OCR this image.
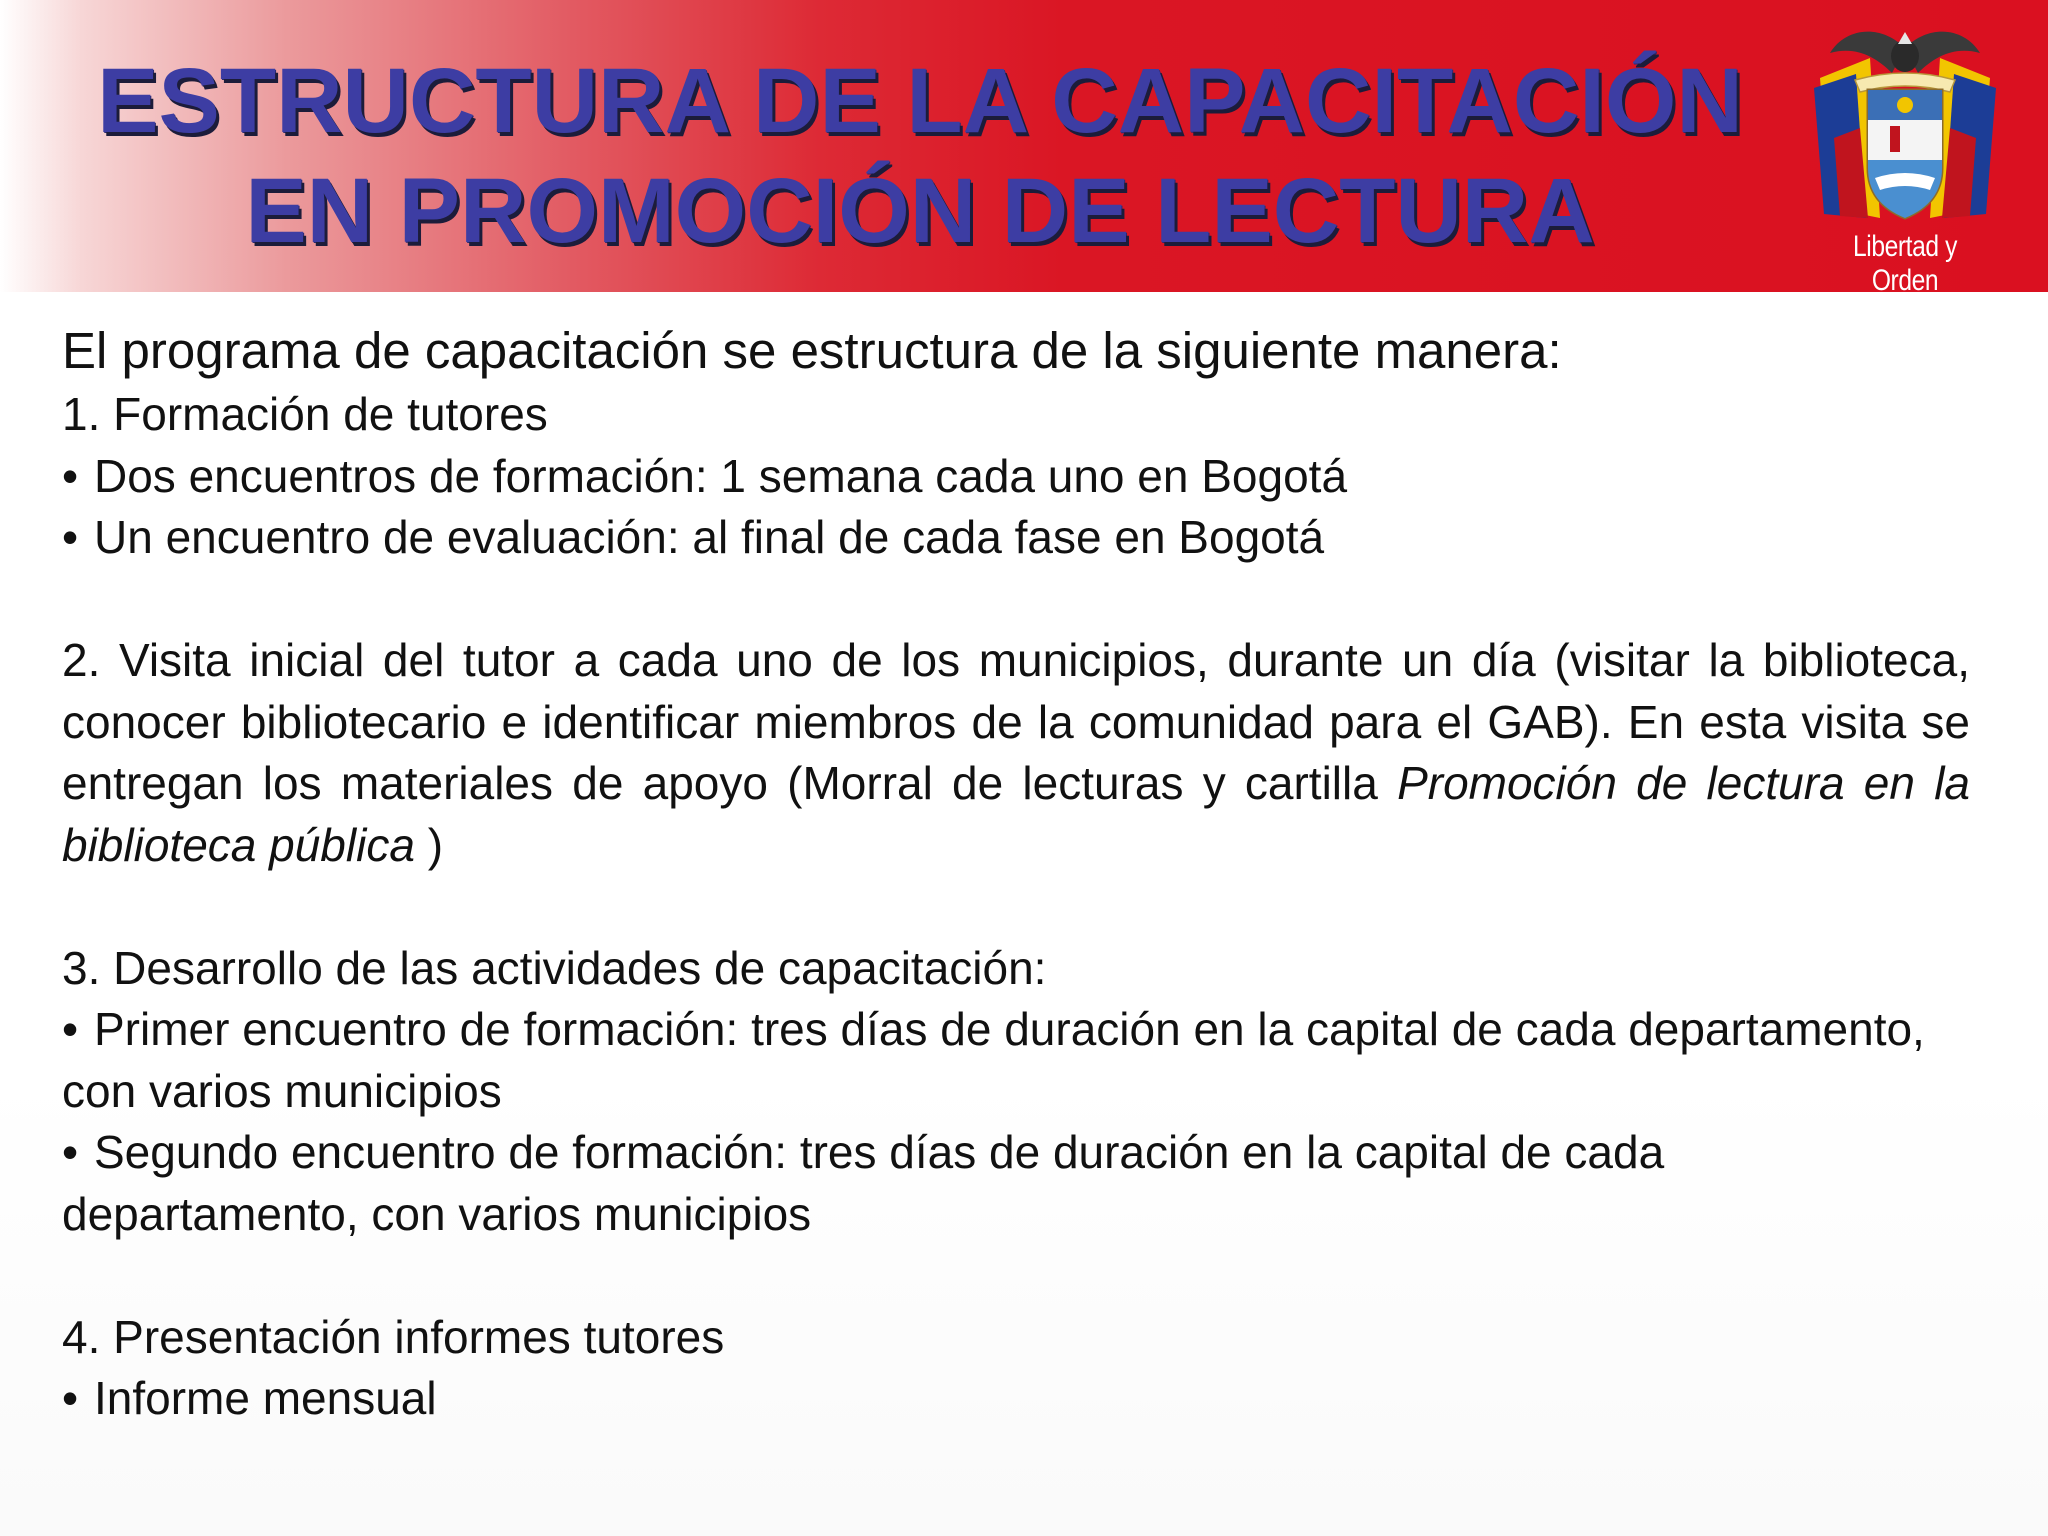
ESTRUCTURA DE LA CAPACITACIÓN
EN PROMOCIÓN DE LECTURA	Libertad y Orden

El programa de capacitación se estructura de la siguiente manera:

1. Formación de tutores

• Dos encuentros de formación: 1 semana cada uno en Bogotá

• Un encuentro de evaluación: al final de cada fase en Bogotá

2. Visita inicial del tutor a cada uno de los municipios, durante un día (visitar la biblioteca, conocer bibliotecario e identificar miembros de la comunidad para el GAB). En esta visita se entregan los materiales de apoyo (Morral de lecturas y cartilla Promoción de lectura en la biblioteca pública )

3. Desarrollo de las actividades de capacitación:

• Primer encuentro de formación: tres días de duración en la capital de cada departamento, con varios municipios

• Segundo encuentro de formación: tres días de duración en la capital de cada departamento, con varios municipios

4. Presentación informes tutores

• Informe mensual
